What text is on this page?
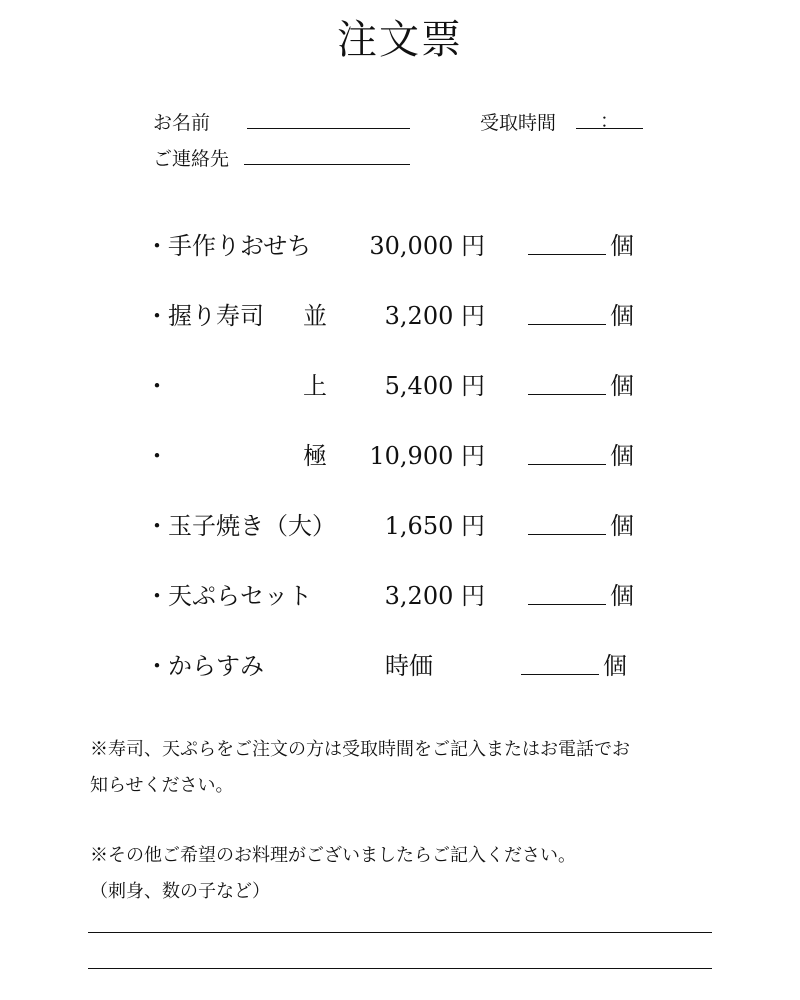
注文票
お名前	受取時間 ：
ご連絡先
・ 手作りおせち	30,000 円	個
・ 握り寿司 並	3,200 円	個
・	上	5,400 円	個
・	極	10,900 円	個
・ 玉子焼き（大）	1,650 円	個
・ 天ぷらセット	3,200 円	個
・ からすみ	時価	個
※寿司、天ぷらをご注文の方は受取時間をご記入またはお電話でお
知らせください。
※その他ご希望のお料理がございましたらご記入ください。
（刺身、数の子など）
